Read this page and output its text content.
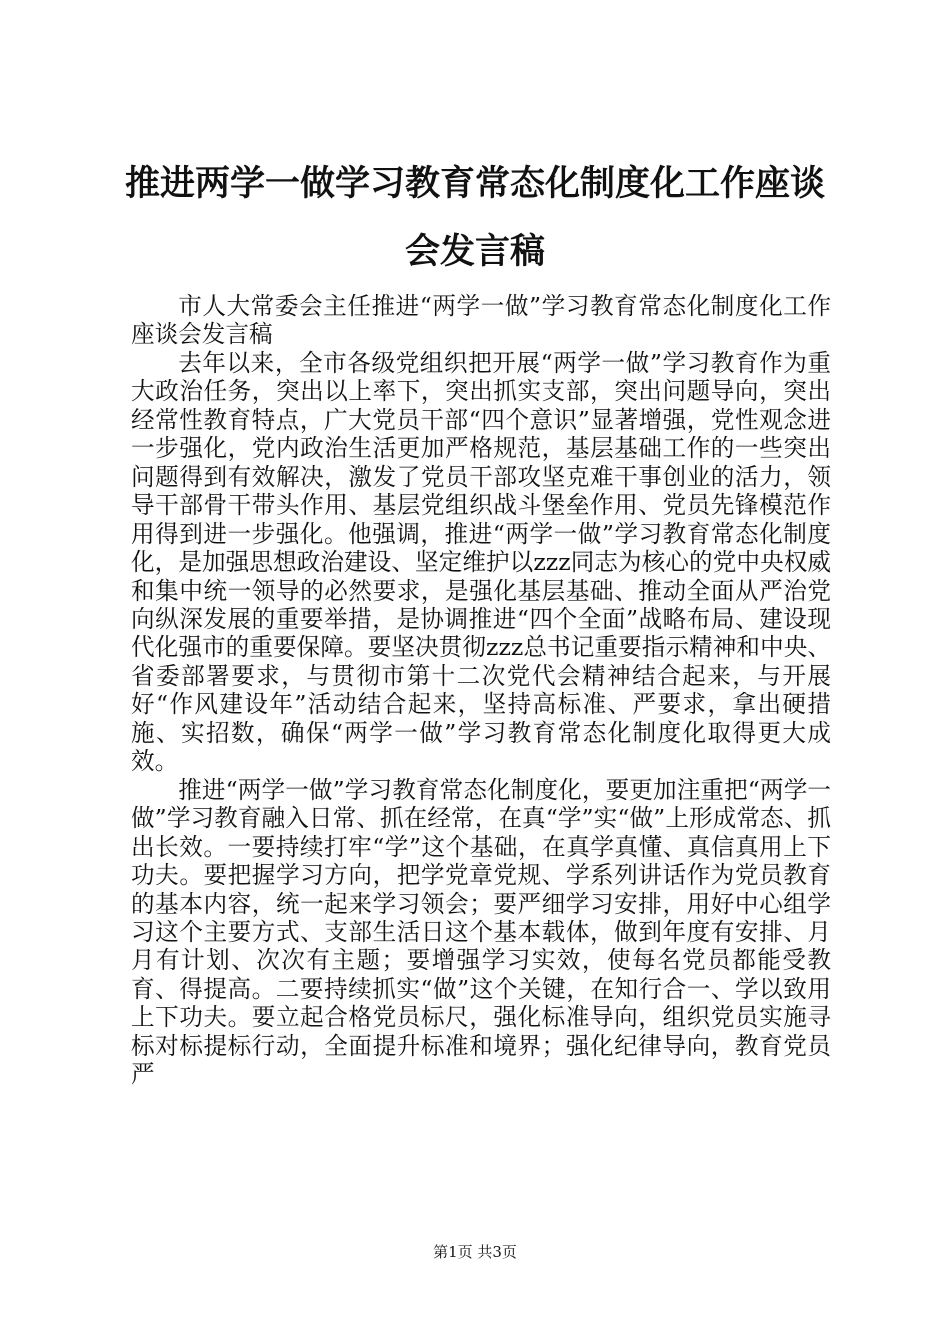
推进两学一做学习教育常态化制度化工作座谈会发言稿

市人大常委会主任推进“两学一做”学习教育常态化制度化工作座谈会发言稿

去年以来，全市各级党组织把开展“两学一做”学习教育作为重大政治任务，突出以上率下，突出抓实支部，突出问题导向，突出经常性教育特点，广大党员干部“四个意识”显著增强，党性观念进一步强化，党内政治生活更加严格规范，基层基础工作的一些突出问题得到有效解决，激发了党员干部攻坚克难干事创业的活力，领导干部骨干带头作用、基层党组织战斗堡垒作用、党员先锋模范作用得到进一步强化。他强调，推进“两学一做”学习教育常态化制度化，是加强思想政治建设、坚定维护以zzz同志为核心的党中央权威和集中统一领导的必然要求，是强化基层基础、推动全面从严治党向纵深发展的重要举措，是协调推进“四个全面”战略布局、建设现代化强市的重要保障。要坚决贯彻zzz总书记重要指示精神和中央、省委部署要求，与贯彻市第十二次党代会精神结合起来，与开展好“作风建设年”活动结合起来，坚持高标准、严要求，拿出硬措施、实招数，确保“两学一做”学习教育常态化制度化取得更大成效。

推进“两学一做”学习教育常态化制度化，要更加注重把“两学一做”学习教育融入日常、抓在经常，在真“学”实“做”上形成常态、抓出长效。一要持续打牢“学”这个基础，在真学真懂、真信真用上下功夫。要把握学习方向，把学党章党规、学系列讲话作为党员教育的基本内容，统一起来学习领会；要严细学习安排，用好中心组学习这个主要方式、支部生活日这个基本载体，做到年度有安排、月月有计划、次次有主题；要增强学习实效，使每名党员都能受教育、得提高。二要持续抓实“做”这个关键，在知行合一、学以致用上下功夫。要立起合格党员标尺，强化标准导向，组织党员实施寻标对标提标行动，全面提升标准和境界；强化纪律导向，教育党员严

第1页 共3页
